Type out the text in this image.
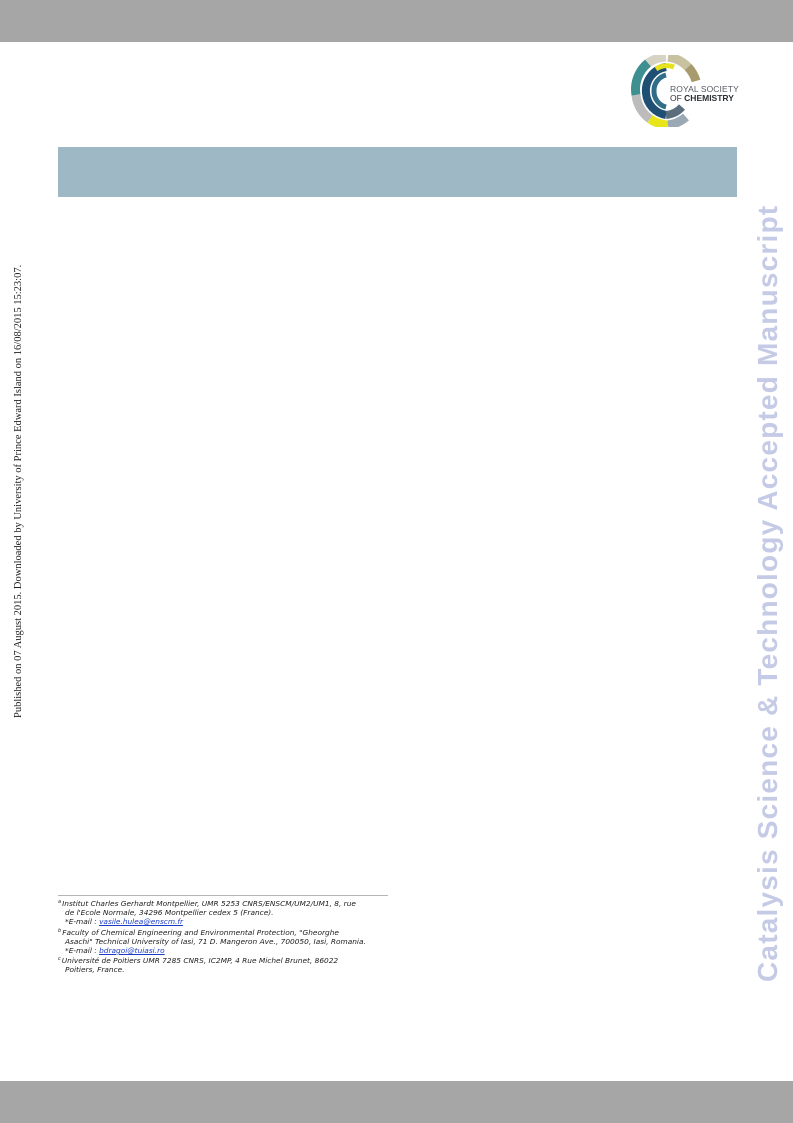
ROYAL SOCIETY
OF CHEMISTRY
Published on 07 August 2015. Downloaded by University of Prince Edward Island on 16/08/2015 15:23:07.	Catalysis Science & Technology Accepted Manuscript
$^a$Institut Charles Gerhardt Montpellier, UMR 5253 CNRS/ENSCM/UM2/UM1, 8, rue
de l'Ecole Normale, 34296 Montpellier cedex 5 (France).
*E-mail : vasile.hulea@enscm.fr
$^b$Faculty of Chemical Engineering and Environmental Protection, "Gheorghe
Asachi" Technical University of Iasi, 71 D. Mangeron Ave., 700050, Iasi, Romania.
*E-mail : bdragoi@tuiasi.ro
$^c$Université de Poitiers UMR 7285 CNRS, IC2MP, 4 Rue Michel Brunet, 86022
Poitiers, France.
